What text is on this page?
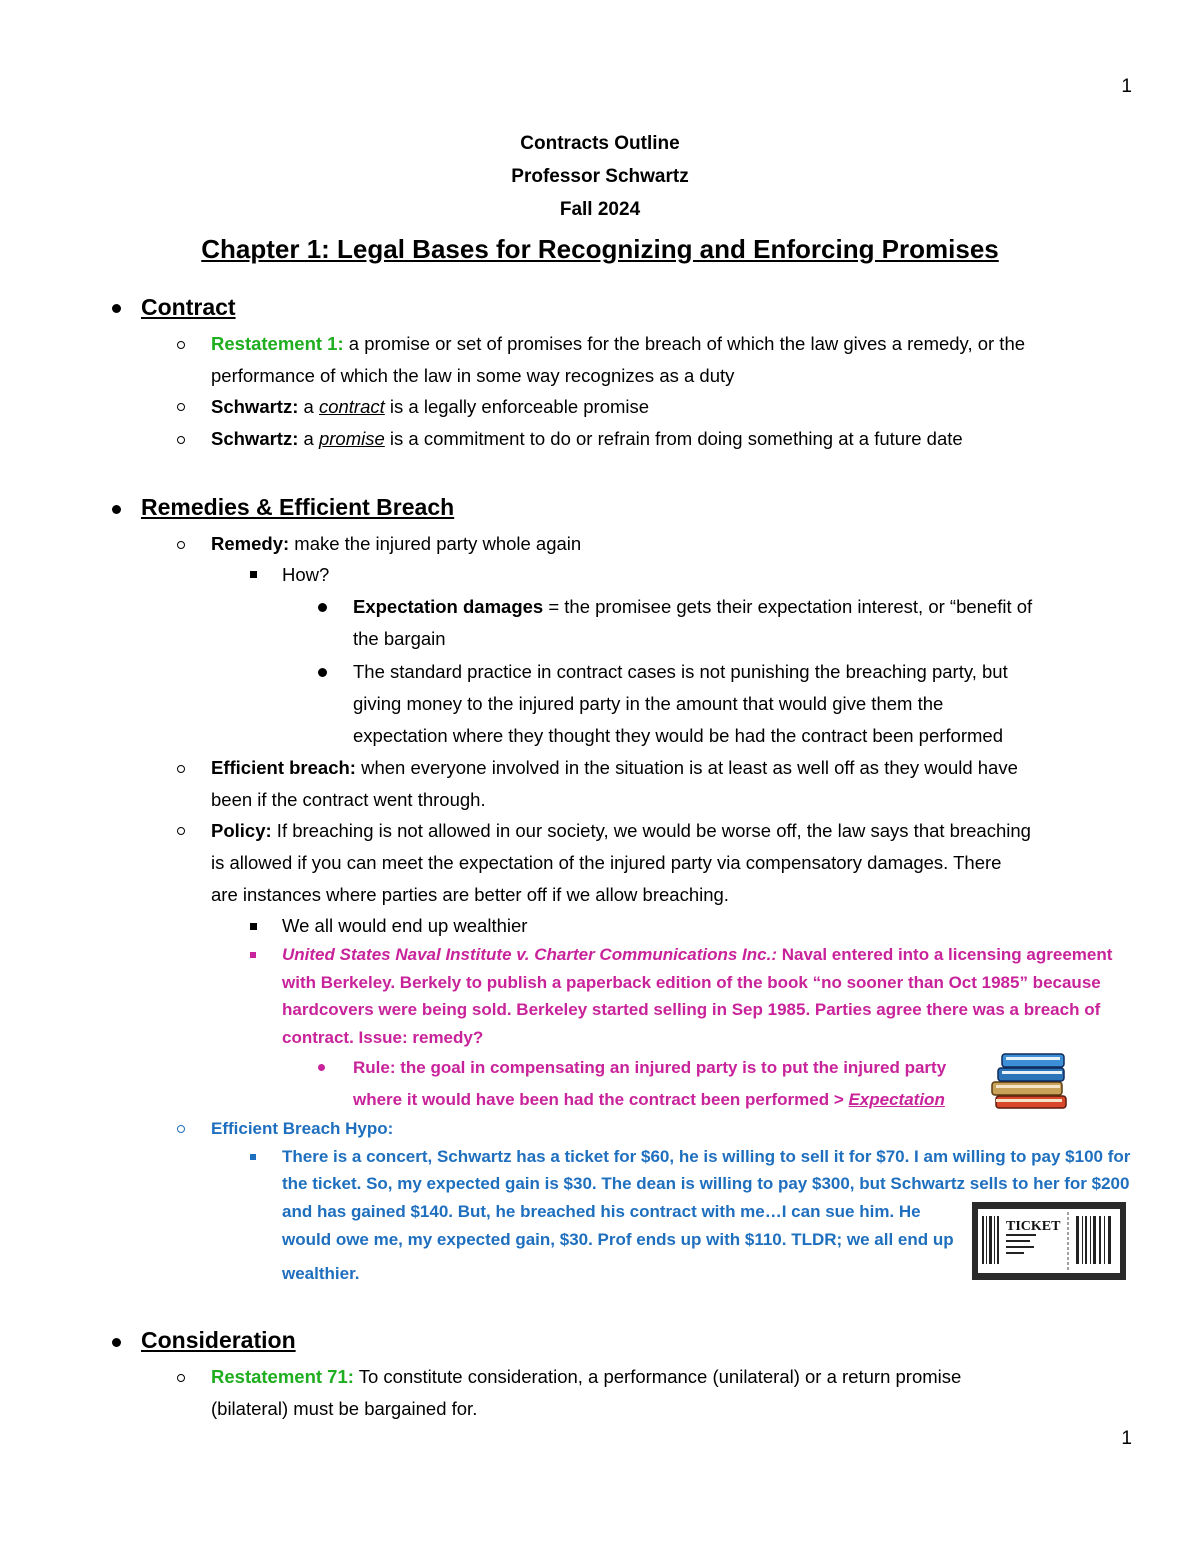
1
Contracts Outline
Professor Schwartz
Fall 2024
Chapter 1: Legal Bases for Recognizing and Enforcing Promises
Contract
Restatement 1: a promise or set of promises for the breach of which the law gives a remedy, or the
performance of which the law in some way recognizes as a duty
Schwartz: a contract is a legally enforceable promise
Schwartz: a promise is a commitment to do or refrain from doing something at a future date
Remedies & Efficient Breach
Remedy: make the injured party whole again
How?
Expectation damages = the promisee gets their expectation interest, or “benefit of
the bargain
The standard practice in contract cases is not punishing the breaching party, but
giving money to the injured party in the amount that would give them the
expectation where they thought they would be had the contract been performed
Efficient breach: when everyone involved in the situation is at least as well off as they would have
been if the contract went through.
Policy: If breaching is not allowed in our society, we would be worse off, the law says that breaching
is allowed if you can meet the expectation of the injured party via compensatory damages. There
are instances where parties are better off if we allow breaching.
We all would end up wealthier
United States Naval Institute v. Charter Communications Inc.: Naval entered into a licensing agreement
with Berkeley. Berkely to publish a paperback edition of the book “no sooner than Oct 1985” because
hardcovers were being sold. Berkeley started selling in Sep 1985. Parties agree there was a breach of
contract. Issue: remedy?
Rule: the goal in compensating an injured party is to put the injured party
where it would have been had the contract been performed > Expectation
Efficient Breach Hypo:
There is a concert, Schwartz has a ticket for $60, he is willing to sell it for $70. I am willing to pay $100 for
the ticket. So, my expected gain is $30. The dean is willing to pay $300, but Schwartz sells to her for $200
and has gained $140. But, he breached his contract with me…I can sue him. He
would owe me, my expected gain, $30. Prof ends up with $110. TLDR; we all end up
wealthier.
TICKET
Consideration
Restatement 71: To constitute consideration, a performance (unilateral) or a return promise
(bilateral) must be bargained for.
1
